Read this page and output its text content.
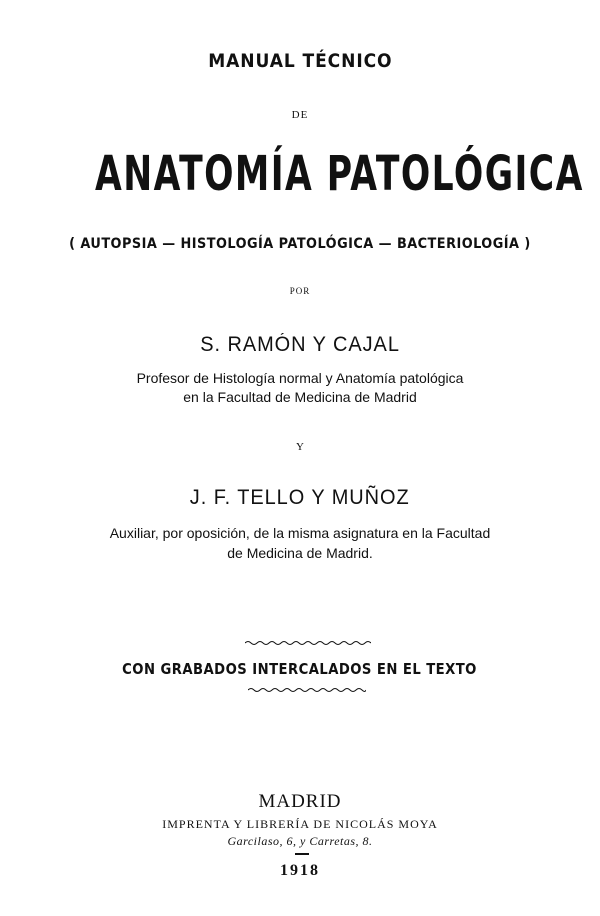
MANUAL TÉCNICO
DE
ANATOMÍA PATOLÓGICA
( AUTOPSIA — HISTOLOGÍA PATOLÓGICA — BACTERIOLOGÍA )
POR
S. RAMÓN Y CAJAL
Profesor de Histología normal y Anatomía patológica
en la Facultad de Medicina de Madrid
Y
J. F. TELLO Y MUÑOZ
Auxiliar, por oposición, de la misma asignatura en la Facultad
de Medicina de Madrid.
CON GRABADOS INTERCALADOS EN EL TEXTO
MADRID
IMPRENTA Y LIBRERÍA DE NICOLÁS MOYA
Garcilaso, 6, y Carretas, 8.
1918
